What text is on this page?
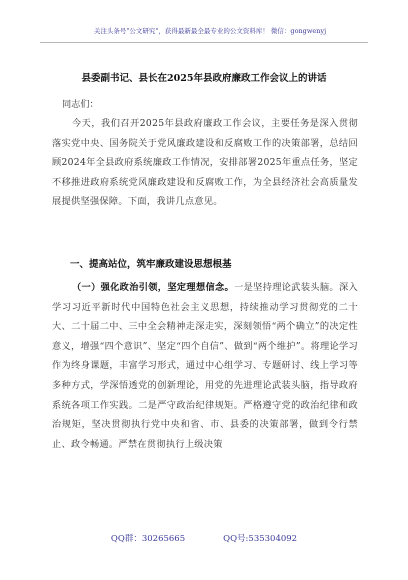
关注头条号"公文研究"，获得最新最全最专业的公文资料库！ 微信：gongwenyj
县委副书记、县长在2025年县政府廉政工作会议上的讲话
同志们：
今天，我们召开2025年县政府廉政工作会议，主要任务是深入贯彻落实党中央、国务院关于党风廉政建设和反腐败工作的决策部署，总结回顾2024年全县政府系统廉政工作情况，安排部署2025年重点任务，坚定不移推进政府系统党风廉政建设和反腐败工作，为全县经济社会高质量发展提供坚强保障。下面，我讲几点意见。
一、提高站位，筑牢廉政建设思想根基
（一）强化政治引领，坚定理想信念。一是坚持理论武装头脑。深入学习习近平新时代中国特色社会主义思想，持续推动学习贯彻党的二十大、二十届二中、三中全会精神走深走实，深刻领悟“两个确立”的决定性意义，增强“四个意识”、坚定“四个自信”、做到“两个维护”。将理论学习作为终身课题，丰富学习形式，通过中心组学习、专题研讨、线上学习等多种方式，学深悟透党的创新理论，用党的先进理论武装头脑，指导政府系统各项工作实践。二是严守政治纪律规矩。严格遵守党的政治纪律和政治规矩，坚决贯彻执行党中央和省、市、县委的决策部署，做到令行禁止、政令畅通。严禁在贯彻执行上级决策
QQ群：30265665	QQ号:535304092
